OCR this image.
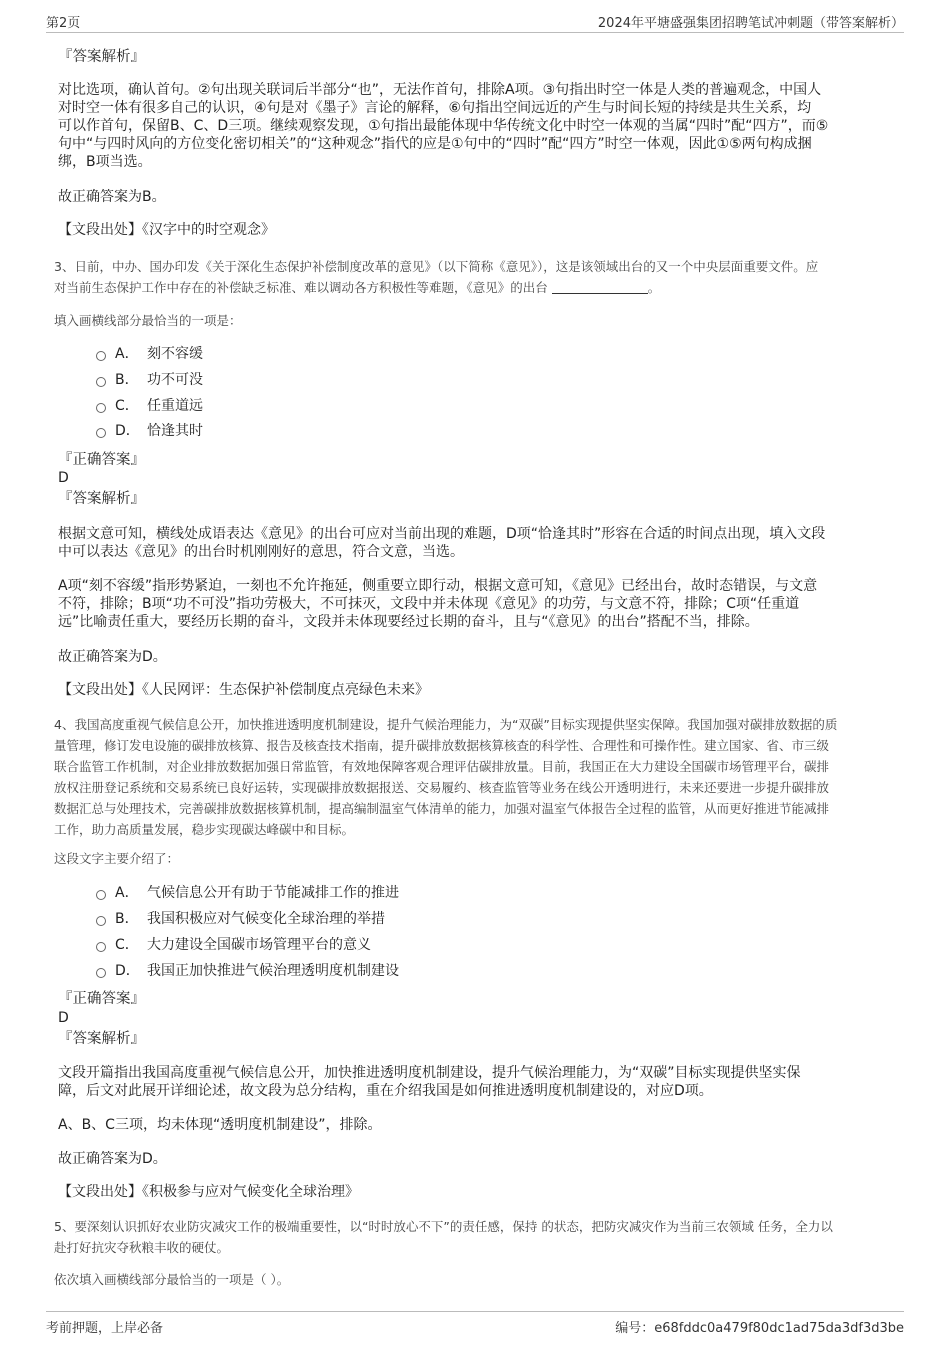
第2页	2024年平塘盛强集团招聘笔试冲刺题（带答案解析）
『答案解析』
对比选项，确认首句。②句出现关联词后半部分“也”，无法作首句，排除A项。③句指出时空一体是人类的普遍观念，中国人
对时空一体有很多自己的认识，④句是对《墨子》言论的解释，⑥句指出空间远近的产生与时间长短的持续是共生关系，均
可以作首句，保留B、C、D三项。继续观察发现，①句指出最能体现中华传统文化中时空一体观的当属“四时”配“四方”，而⑤
句中“与四时风向的方位变化密切相关”的“这种观念”指代的应是①句中的“四时”配“四方”时空一体观，因此①⑤两句构成捆
绑，B项当选。
故正确答案为B。
【文段出处】《汉字中的时空观念》
3、日前，中办、国办印发《关于深化生态保护补偿制度改革的意见》（以下简称《意见》），这是该领域出台的又一个中央层面重要文件。应
对当前生态保护工作中存在的补偿缺乏标准、难以调动各方积极性等难题，《意见》的出台	。
填入画横线部分最恰当的一项是：
A． 刻不容缓
B． 功不可没
C． 任重道远
D． 恰逢其时
『正确答案』
D
『答案解析』
根据文意可知，横线处成语表达《意见》的出台可应对当前出现的难题，D项“恰逢其时”形容在合适的时间点出现，填入文段
中可以表达《意见》的出台时机刚刚好的意思，符合文意，当选。
A项“刻不容缓”指形势紧迫，一刻也不允许拖延，侧重要立即行动，根据文意可知，《意见》已经出台，故时态错误，与文意
不符，排除；B项“功不可没”指功劳极大，不可抹灭，文段中并未体现《意见》的功劳，与文意不符，排除；C项“任重道
远”比喻责任重大，要经历长期的奋斗，文段并未体现要经过长期的奋斗，且与“《意见》的出台”搭配不当，排除。
故正确答案为D。
【文段出处】《人民网评：生态保护补偿制度点亮绿色未来》
4、我国高度重视气候信息公开，加快推进透明度机制建设，提升气候治理能力，为“双碳”目标实现提供坚实保障。我国加强对碳排放数据的质
量管理，修订发电设施的碳排放核算、报告及核查技术指南，提升碳排放数据核算核查的科学性、合理性和可操作性。建立国家、省、市三级
联合监管工作机制，对企业排放数据加强日常监管，有效地保障客观合理评估碳排放量。目前，我国正在大力建设全国碳市场管理平台，碳排
放权注册登记系统和交易系统已良好运转，实现碳排放数据报送、交易履约、核查监管等业务在线公开透明进行，未来还要进一步提升碳排放
数据汇总与处理技术，完善碳排放数据核算机制，提高编制温室气体清单的能力，加强对温室气体报告全过程的监管，从而更好推进节能减排
工作，助力高质量发展，稳步实现碳达峰碳中和目标。
这段文字主要介绍了：
A． 气候信息公开有助于节能减排工作的推进
B． 我国积极应对气候变化全球治理的举措
C． 大力建设全国碳市场管理平台的意义
D． 我国正加快推进气候治理透明度机制建设
『正确答案』
D
『答案解析』
文段开篇指出我国高度重视气候信息公开，加快推进透明度机制建设，提升气候治理能力，为“双碳”目标实现提供坚实保
障，后文对此展开详细论述，故文段为总分结构，重在介绍我国是如何推进透明度机制建设的，对应D项。
A、B、C三项，均未体现“透明度机制建设”，排除。
故正确答案为D。
【文段出处】《积极参与应对气候变化全球治理》
5、要深刻认识抓好农业防灾减灾工作的极端重要性，以“时时放心不下”的责任感，保持 的状态，把防灾减灾作为当前三农领域 任务，全力以
赴打好抗灾夺秋粮丰收的硬仗。
依次填入画横线部分最恰当的一项是（ ）。
考前押题，上岸必备	编号：e68fddc0a479f80dc1ad75da3df3d3be
